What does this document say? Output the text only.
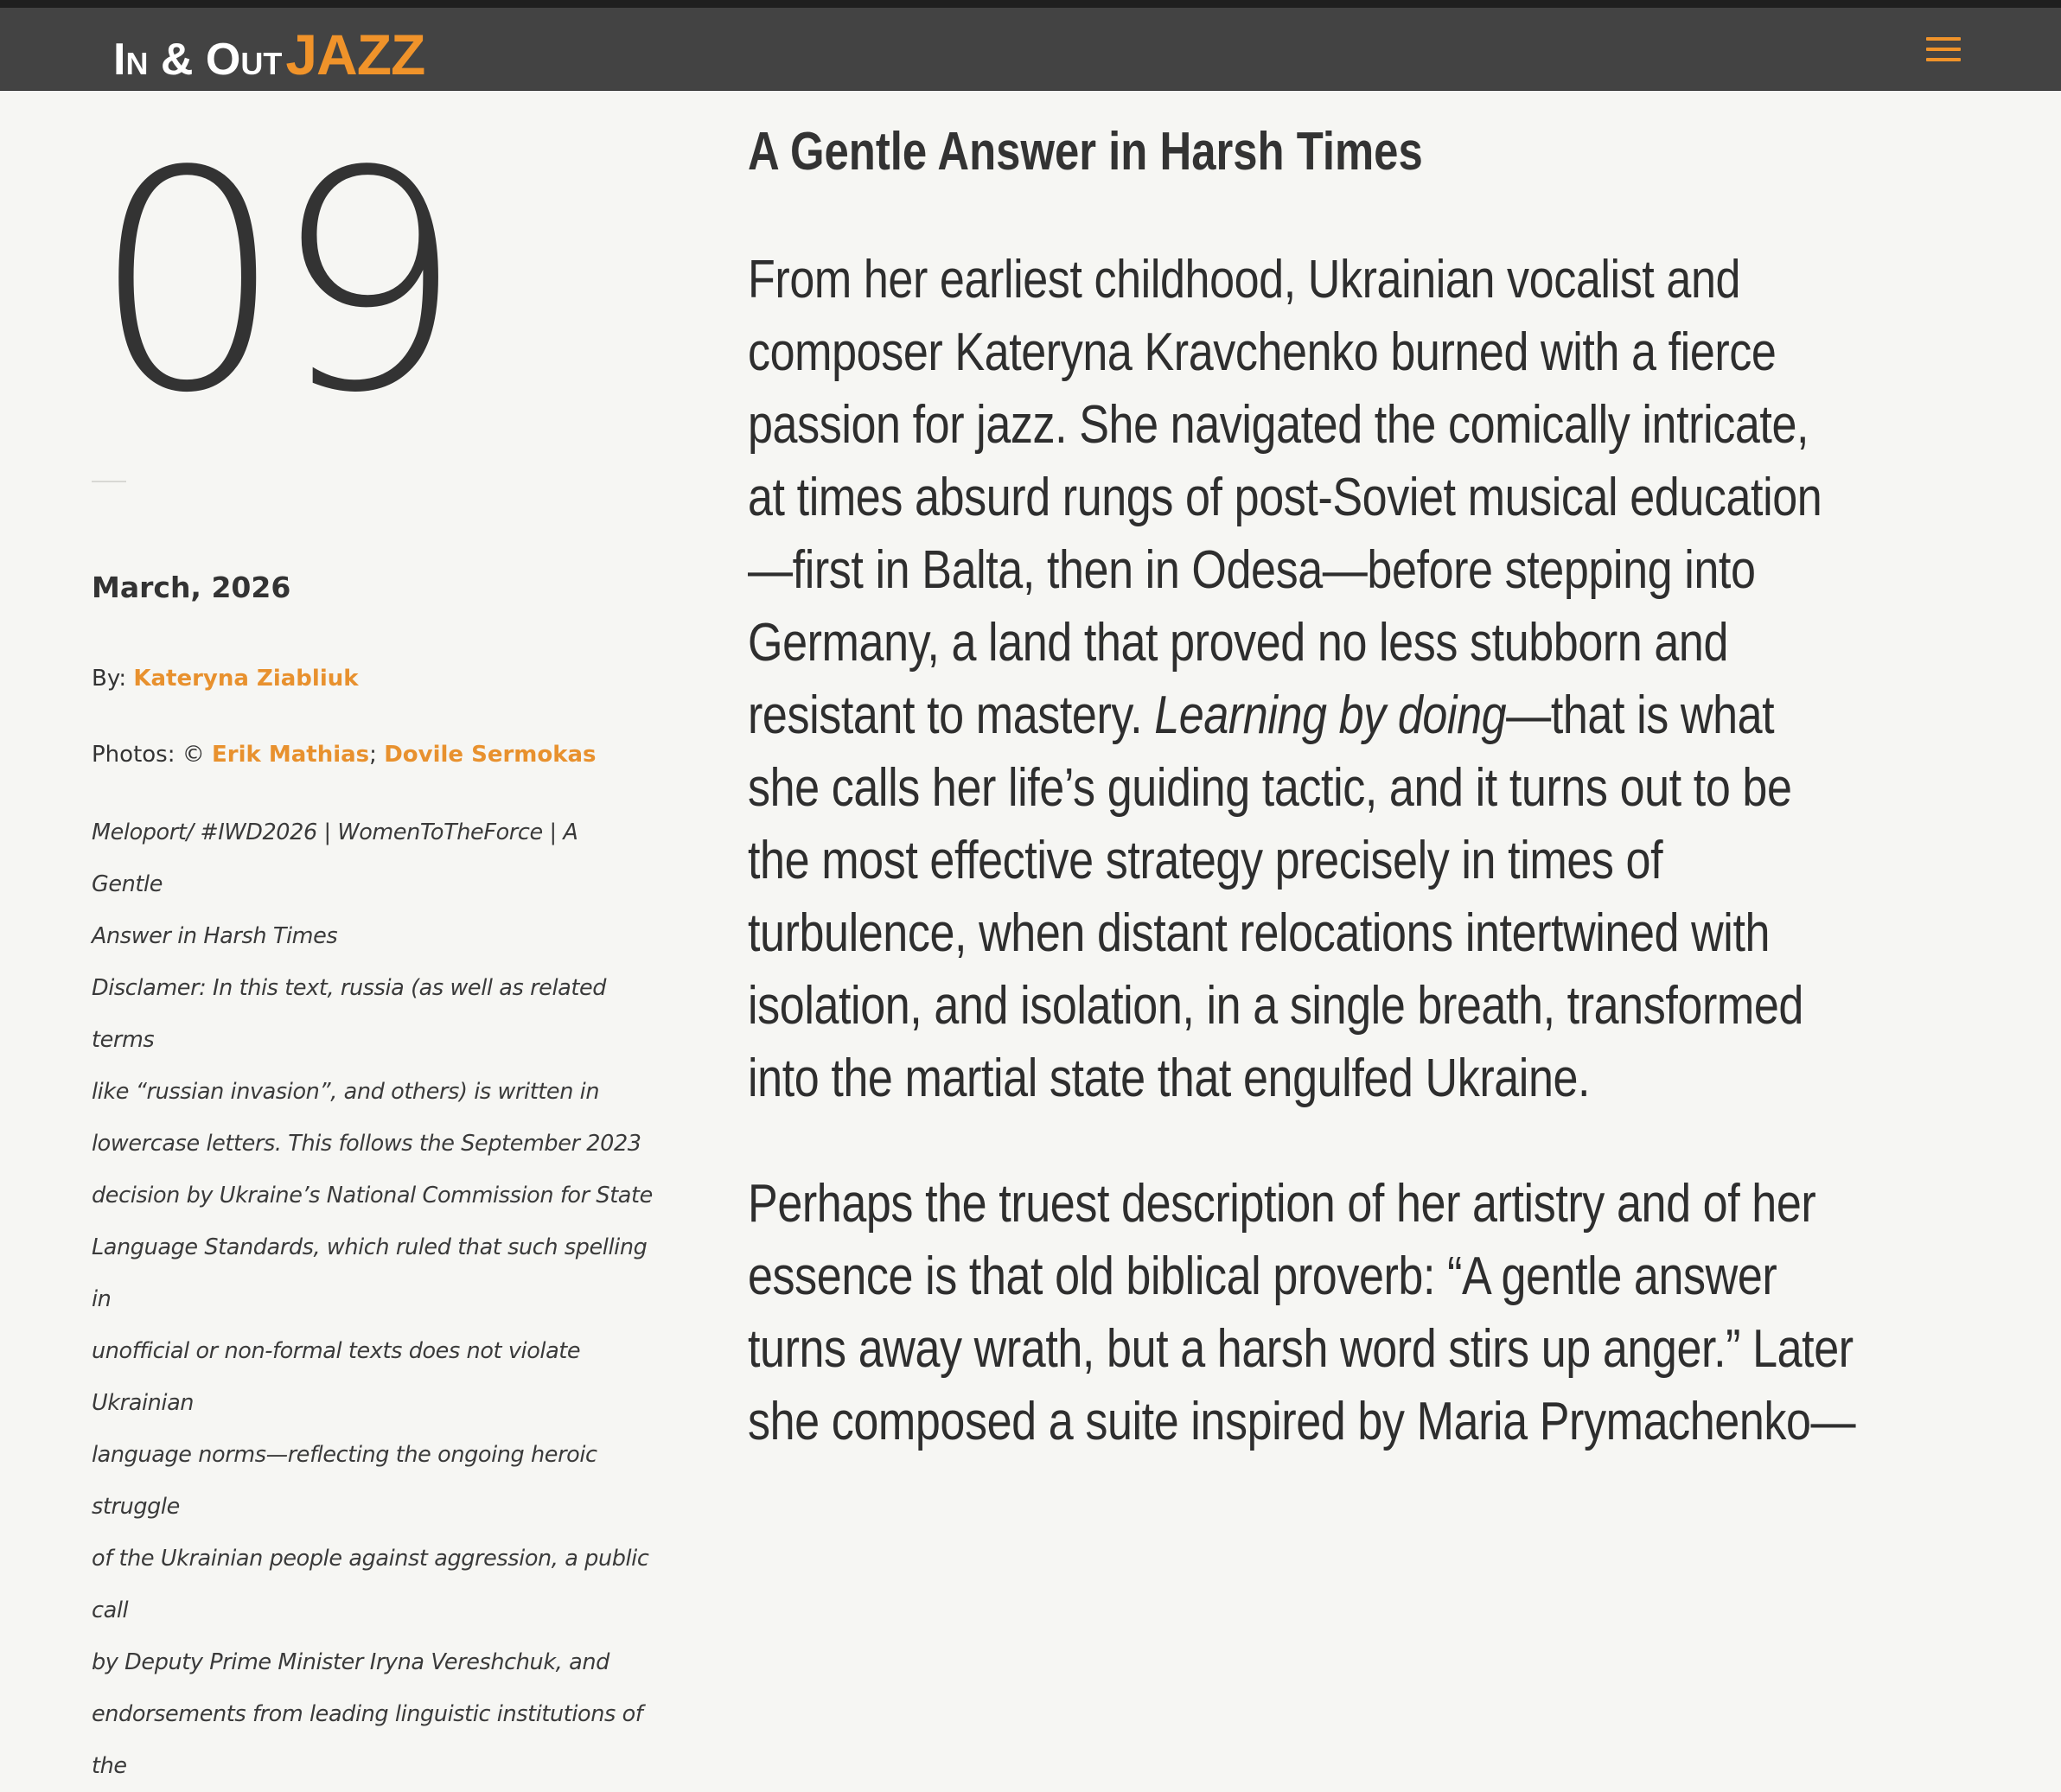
In & Out JAZZ
09
March, 2026
By: Kateryna Ziabliuk
Photos: © Erik Mathias; Dovile Sermokas
Meloport/ #IWD2026 | WomenToTheForce | A Gentle
Answer in Harsh Times
Disclamer: In this text, russia (as well as related terms
like “russian invasion”, and others) is written in
lowercase letters. This follows the September 2023
decision by Ukraine’s National Commission for State
Language Standards, which ruled that such spelling in
unofficial or non-formal texts does not violate Ukrainian
language norms—reflecting the ongoing heroic struggle
of the Ukrainian people against aggression, a public call
by Deputy Prime Minister Iryna Vereshchuk, and
endorsements from leading linguistic institutions of the
A Gentle Answer in Harsh Times

From her earliest childhood, Ukrainian vocalist and
composer Kateryna Kravchenko burned with a fierce
passion for jazz. She navigated the comically intricate,
at times absurd rungs of post-Soviet musical education
—first in Balta, then in Odesa—before stepping into
Germany, a land that proved no less stubborn and
resistant to mastery. Learning by doing—that is what
she calls her life’s guiding tactic, and it turns out to be
the most effective strategy precisely in times of
turbulence, when distant relocations intertwined with
isolation, and isolation, in a single breath, transformed
into the martial state that engulfed Ukraine.

Perhaps the truest description of her artistry and of her
essence is that old biblical proverb: “A gentle answer
turns away wrath, but a harsh word stirs up anger.” Later
she composed a suite inspired by Maria Prymachenko—
